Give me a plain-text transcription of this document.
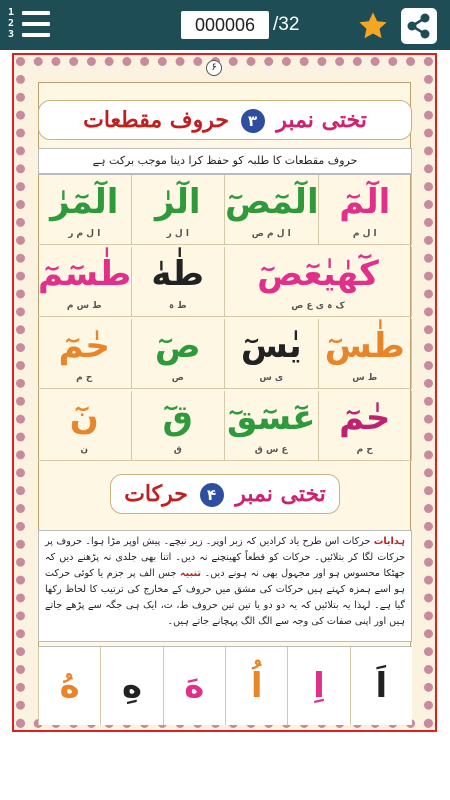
1
2
3	000006 /32
۶
تختی نمبر ۳ حروف مقطعات
حروف مقطعات کا طلبہ کو حفظ کرا دینا موجب برکت ہے
الٓمٓ
ا ل م
الٓمٓصٓ
ا ل م ص
الٓرٰ
ا ل ر
الٓمٓرٰ
ا ل م ر
كٓهٰيٰعٓصٓ
ک ہ ی ع ص
طٰهٰ
ط ہ
طٰسٓمٓ
ط س م
طٰسٓ
ط س
يٰسٓ
ی س
صٓ
ص
حٰمٓ
ح م
حٰمٓ
ح م
عٓسٓقٓ
ع س ق
قٓ
ق
نٓ
ن
تختی نمبر ۴ حرکات
ہدایات حرکات اس طرح یاد کرادیں کہ زبر اوپر۔ زیر نیچے۔ پیش اوپر مڑا ہوا۔ حروف پر حرکات لگا کر بتلائیں۔ حرکات کو قطعاً کھینچنے نہ دیں۔ اتنا بھی جلدی نہ پڑھنے دیں کہ جھٹکا محسوس ہو اور مجہول بھی نہ ہونے دیں۔ تنبیہ جس الف پر جزم یا کوئی حرکت ہو اسے ہمزہ کہتے ہیں حرکات کی مشق میں حروف کے مخارج کی ترتیب کا لحاظ رکھا گیا ہے۔ لہذا یہ بتلائیں کہ یہ دو دو یا تین تین حروف ط، ت، ایک ہی جگہ سے پڑھے جاتے ہیں اور اپنی صفات کی وجہ سے الگ الگ پہچانے جاتے ہیں۔
اَ
اِ
اُ
هَ
هِ
هُ
